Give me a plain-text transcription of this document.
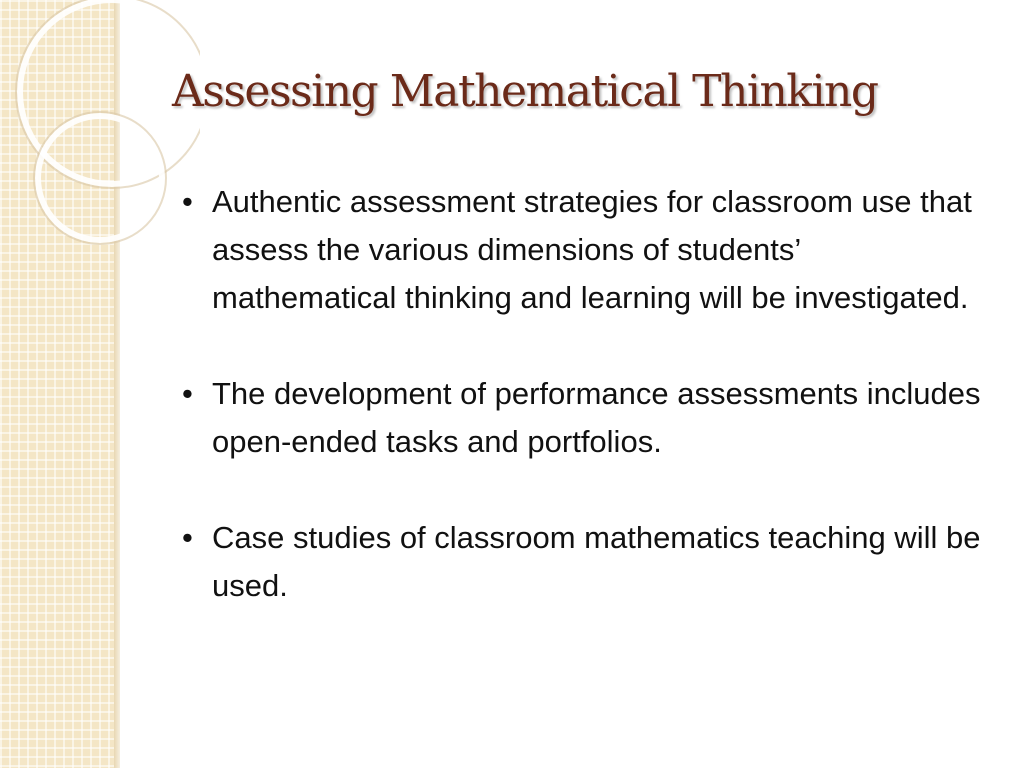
Assessing Mathematical Thinking
• Authentic assessment strategies for classroom use that assess the various dimensions of students’ mathematical thinking and learning will be investigated.
• The development of performance assessments includes open-ended tasks and portfolios.
• Case studies of classroom mathematics teaching will be used.
